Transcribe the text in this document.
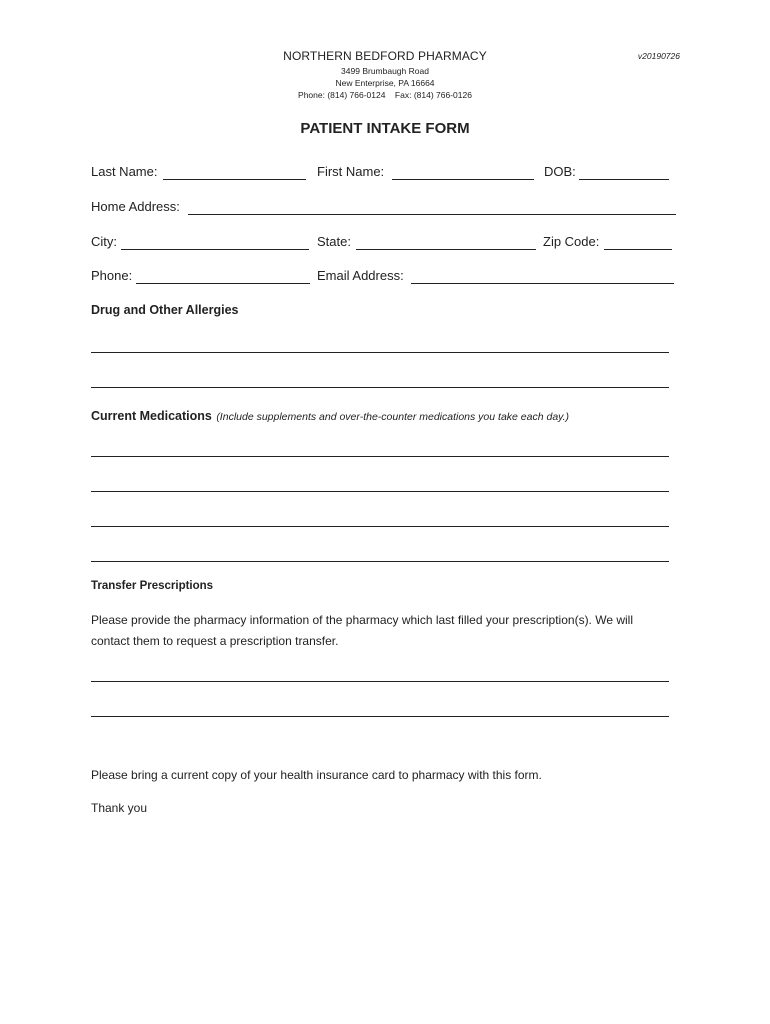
NORTHERN BEDFORD PHARMACY	v20190726
3499 Brumbaugh Road
New Enterprise, PA 16664
Phone: (814) 766-0124 Fax: (814) 766-0126
PATIENT INTAKE FORM
Last Name:	First Name:	DOB:
Home Address:
City:	State:	Zip Code:
Phone:	Email Address:
Drug and Other Allergies
Current Medications (Include supplements and over-the-counter medications you take each day.)
Transfer Prescriptions
Please provide the pharmacy information of the pharmacy which last filled your prescription(s). We will
contact them to request a prescription transfer.
Please bring a current copy of your health insurance card to pharmacy with this form.
Thank you
